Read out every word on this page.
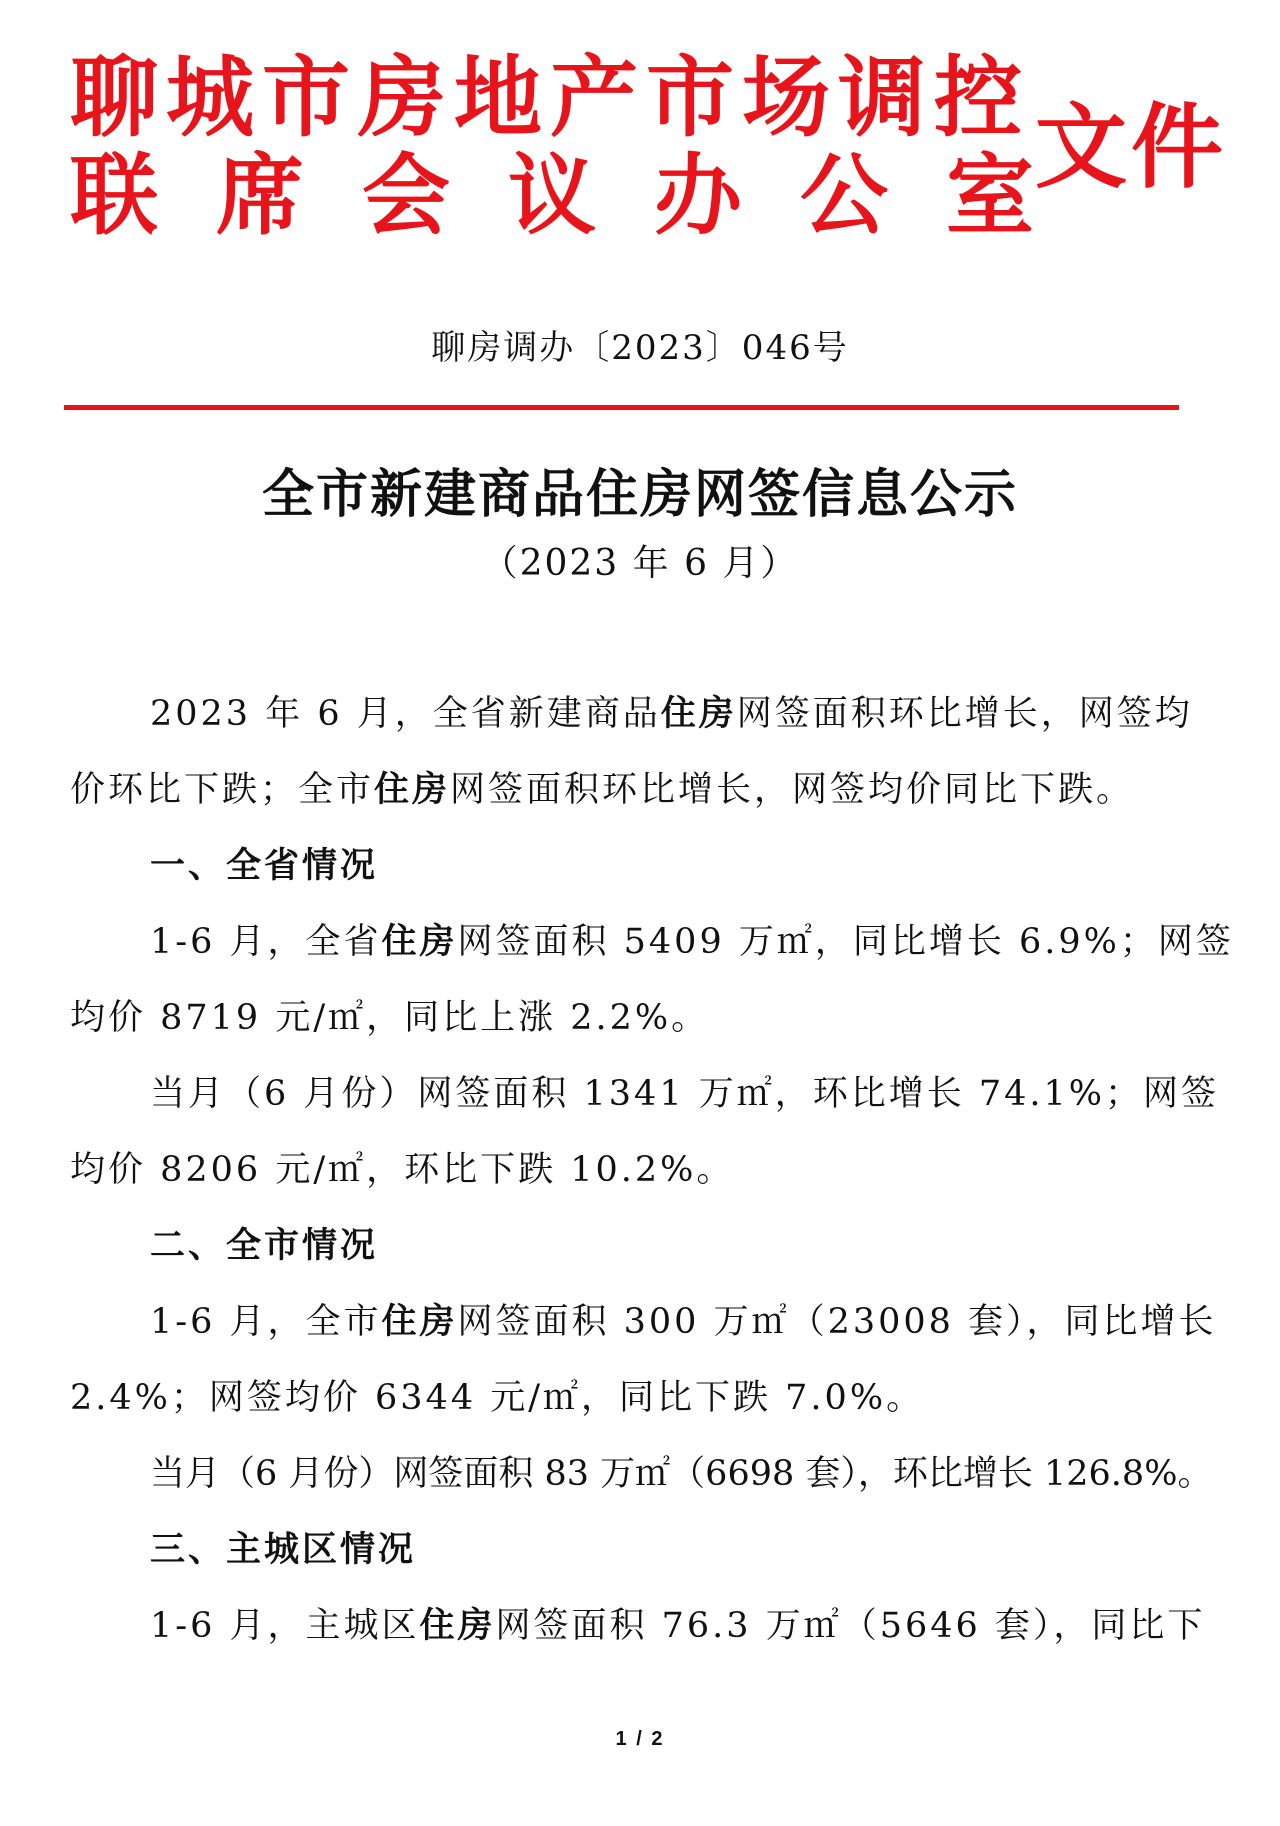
聊城市房地产市场调控
联席会议办公室
文件
聊房调办〔2023〕046号
全市新建商品住房网签信息公示
（2023 年 6 月）
2023 年 6 月，全省新建商品住房网签面积环比增长，网签均
价环比下跌；全市住房网签面积环比增长，网签均价同比下跌。
一、全省情况
1-6 月，全省住房网签面积 5409 万㎡，同比增长 6.9%；网签
均价 8719 元/㎡，同比上涨 2.2%。
当月（6 月份）网签面积 1341 万㎡，环比增长 74.1%；网签
均价 8206 元/㎡，环比下跌 10.2%。
二、全市情况
1-6 月，全市住房网签面积 300 万㎡（23008 套），同比增长
2.4%；网签均价 6344 元/㎡，同比下跌 7.0%。
当月（6 月份）网签面积 83 万㎡（6698 套），环比增长 126.8%。
三、主城区情况
1-6 月，主城区住房网签面积 76.3 万㎡（5646 套），同比下
1 / 2
